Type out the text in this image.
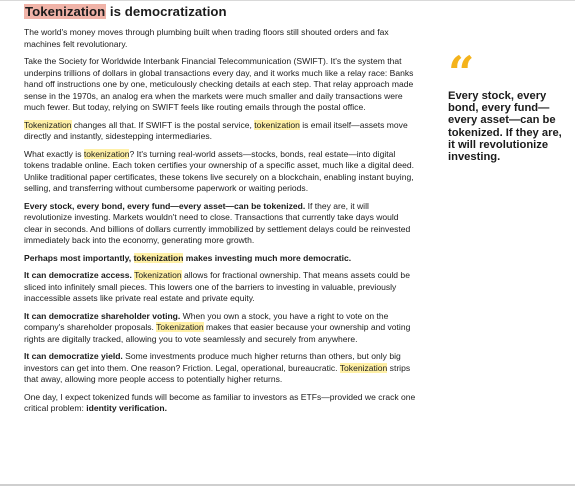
Tokenization is democratization

The world's money moves through plumbing built when trading floors still shouted orders and fax machines felt revolutionary.

Take the Society for Worldwide Interbank Financial Telecommunication (SWIFT). It's the system that underpins trillions of dollars in global transactions every day, and it works much like a relay race: Banks hand off instructions one by one, meticulously checking details at each step. That relay approach made sense in the 1970s, an analog era when the markets were much smaller and daily transactions were much fewer. But today, relying on SWIFT feels like routing emails through the postal office.

Tokenization changes all that. If SWIFT is the postal service, tokenization is email itself—assets move directly and instantly, sidestepping intermediaries.

What exactly is tokenization? It's turning real-world assets—stocks, bonds, real estate—into digital tokens tradable online. Each token certifies your ownership of a specific asset, much like a digital deed. Unlike traditional paper certificates, these tokens live securely on a blockchain, enabling instant buying, selling, and transferring without cumbersome paperwork or waiting periods.

Every stock, every bond, every fund—every asset—can be tokenized. If they are, it will revolutionize investing. Markets wouldn't need to close. Transactions that currently take days would clear in seconds. And billions of dollars currently immobilized by settlement delays could be reinvested immediately back into the economy, generating more growth.

Perhaps most importantly, tokenization makes investing much more democratic.

It can democratize access. Tokenization allows for fractional ownership. That means assets could be sliced into infinitely small pieces. This lowers one of the barriers to investing in valuable, previously inaccessible assets like private real estate and private equity.

It can democratize shareholder voting. When you own a stock, you have a right to vote on the company's shareholder proposals. Tokenization makes that easier because your ownership and voting rights are digitally tracked, allowing you to vote seamlessly and securely from anywhere.

It can democratize yield. Some investments produce much higher returns than others, but only big investors can get into them. One reason? Friction. Legal, operational, bureaucratic. Tokenization strips that away, allowing more people access to potentially higher returns.

One day, I expect tokenized funds will become as familiar to investors as ETFs—provided we crack one critical problem: identity verification.

“

Every stock, every bond, every fund—every asset—can be tokenized. If they are, it will revolutionize investing.
